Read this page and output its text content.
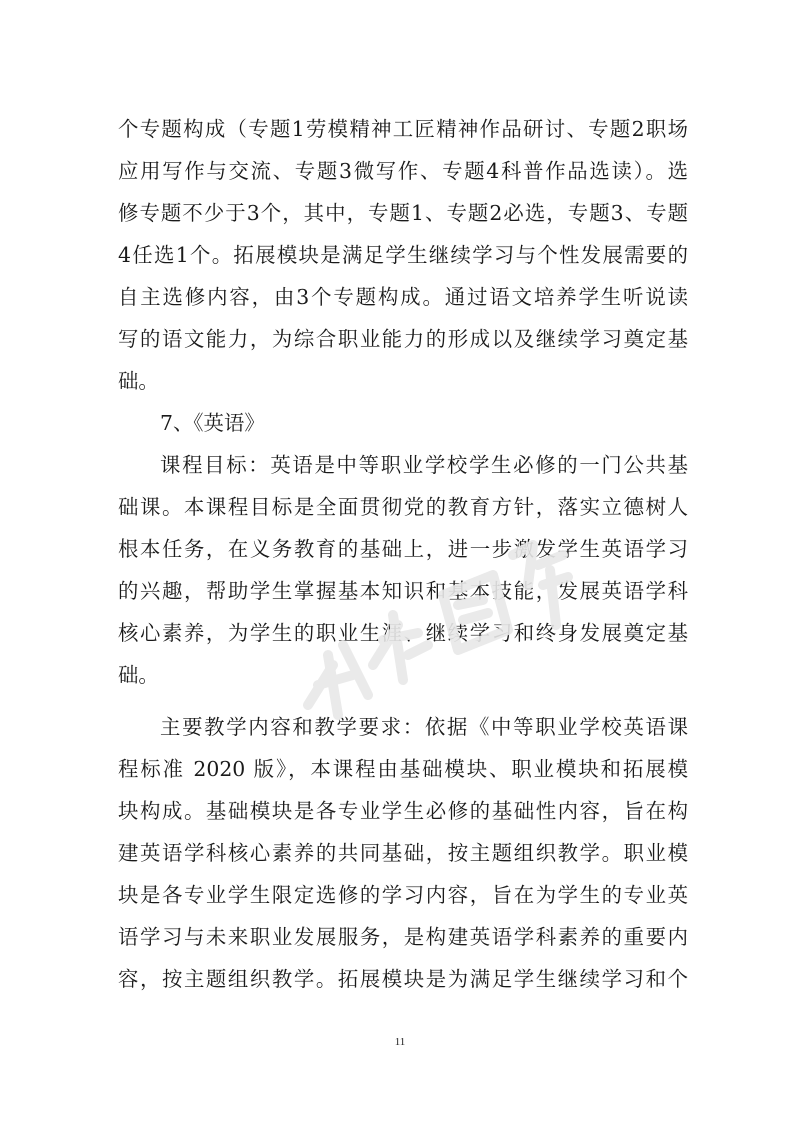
个专题构成（专题1劳模精神工匠精神作品研讨、专题2职场
应用写作与交流、专题3微写作、专题4科普作品选读）。选
修专题不少于3个，其中，专题1、专题2必选，专题3、专题
4任选1个。拓展模块是满足学生继续学习与个性发展需要的
自主选修内容，由3个专题构成。通过语文培养学生听说读
写的语文能力，为综合职业能力的形成以及继续学习奠定基
础。
7、《英语》
课程目标：英语是中等职业学校学生必修的一门公共基
础课。本课程目标是全面贯彻党的教育方针，落实立德树人
根本任务，在义务教育的基础上，进一步激发学生英语学习
的兴趣，帮助学生掌握基本知识和基本技能，发展英语学科
核心素养，为学生的职业生涯、继续学习和终身发展奠定基
础。
主要教学内容和教学要求：依据《中等职业学校英语课
程标准 2020 版》，本课程由基础模块、职业模块和拓展模
块构成。基础模块是各专业学生必修的基础性内容，旨在构
建英语学科核心素养的共同基础，按主题组织教学。职业模
块是各专业学生限定选修的学习内容，旨在为学生的专业英
语学习与未来职业发展服务，是构建英语学科素养的重要内
容，按主题组织教学。拓展模块是为满足学生继续学习和个
11
